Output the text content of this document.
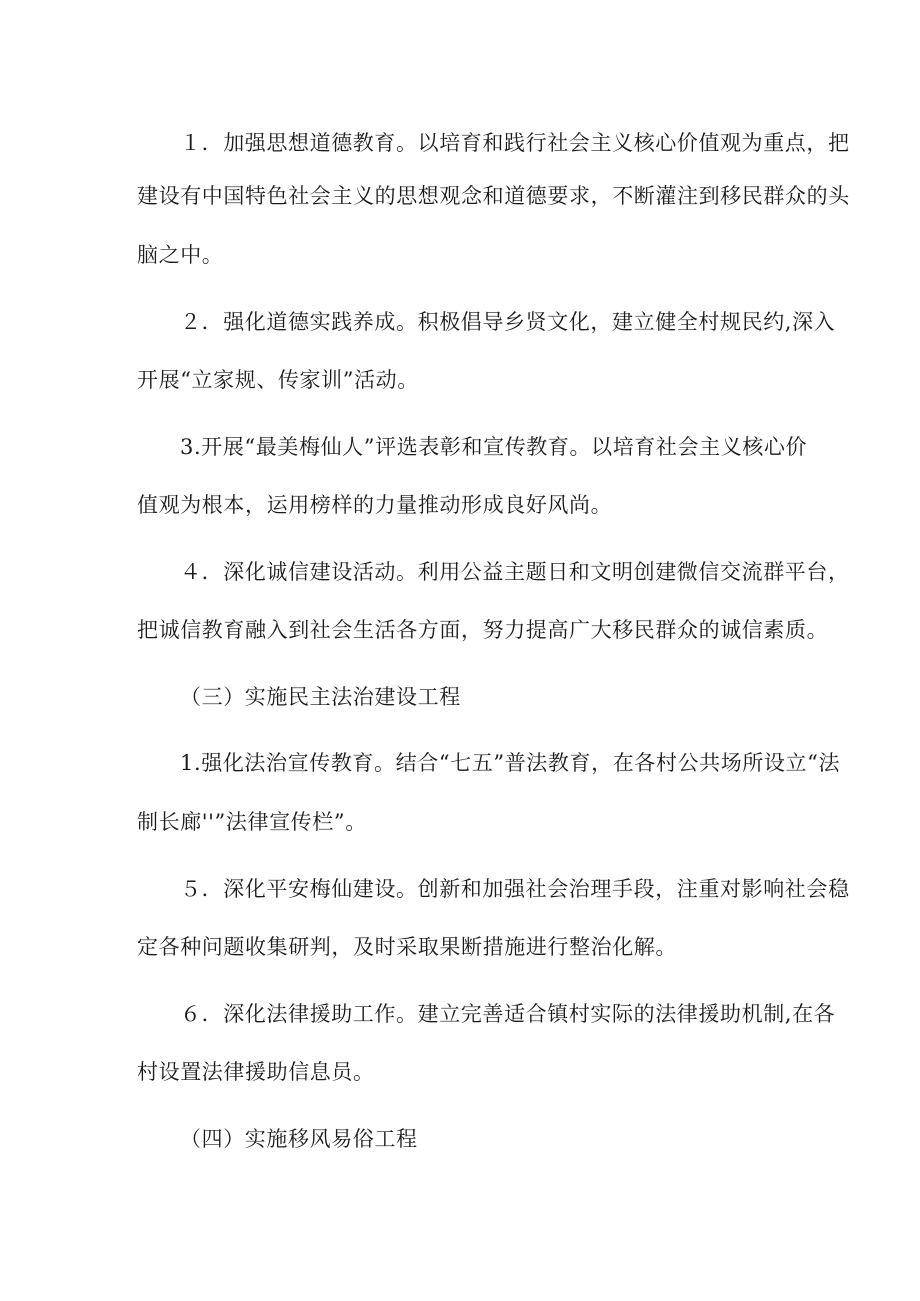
１．加强思想道德教育。以培育和践行社会主义核心价值观为重点，把
建设有中国特色社会主义的思想观念和道德要求，不断灌注到移民群众的头
脑之中。
２．强化道德实践养成。积极倡导乡贤文化，建立健全村规民约,深入
开展“立家规、传家训”活动。
3.开展“最美梅仙人”评选表彰和宣传教育。以培育社会主义核心价
值观为根本，运用榜样的力量推动形成良好风尚。
４．深化诚信建设活动。利用公益主题日和文明创建微信交流群平台，
把诚信教育融入到社会生活各方面，努力提高广大移民群众的诚信素质。
（三）实施民主法治建设工程
1.强化法治宣传教育。结合“七五”普法教育，在各村公共场所设立“法
制长廊''”法律宣传栏”。
５．深化平安梅仙建设。创新和加强社会治理手段，注重对影响社会稳
定各种问题收集研判，及时采取果断措施进行整治化解。
６．深化法律援助工作。建立完善适合镇村实际的法律援助机制,在各
村设置法律援助信息员。
（四）实施移风易俗工程
